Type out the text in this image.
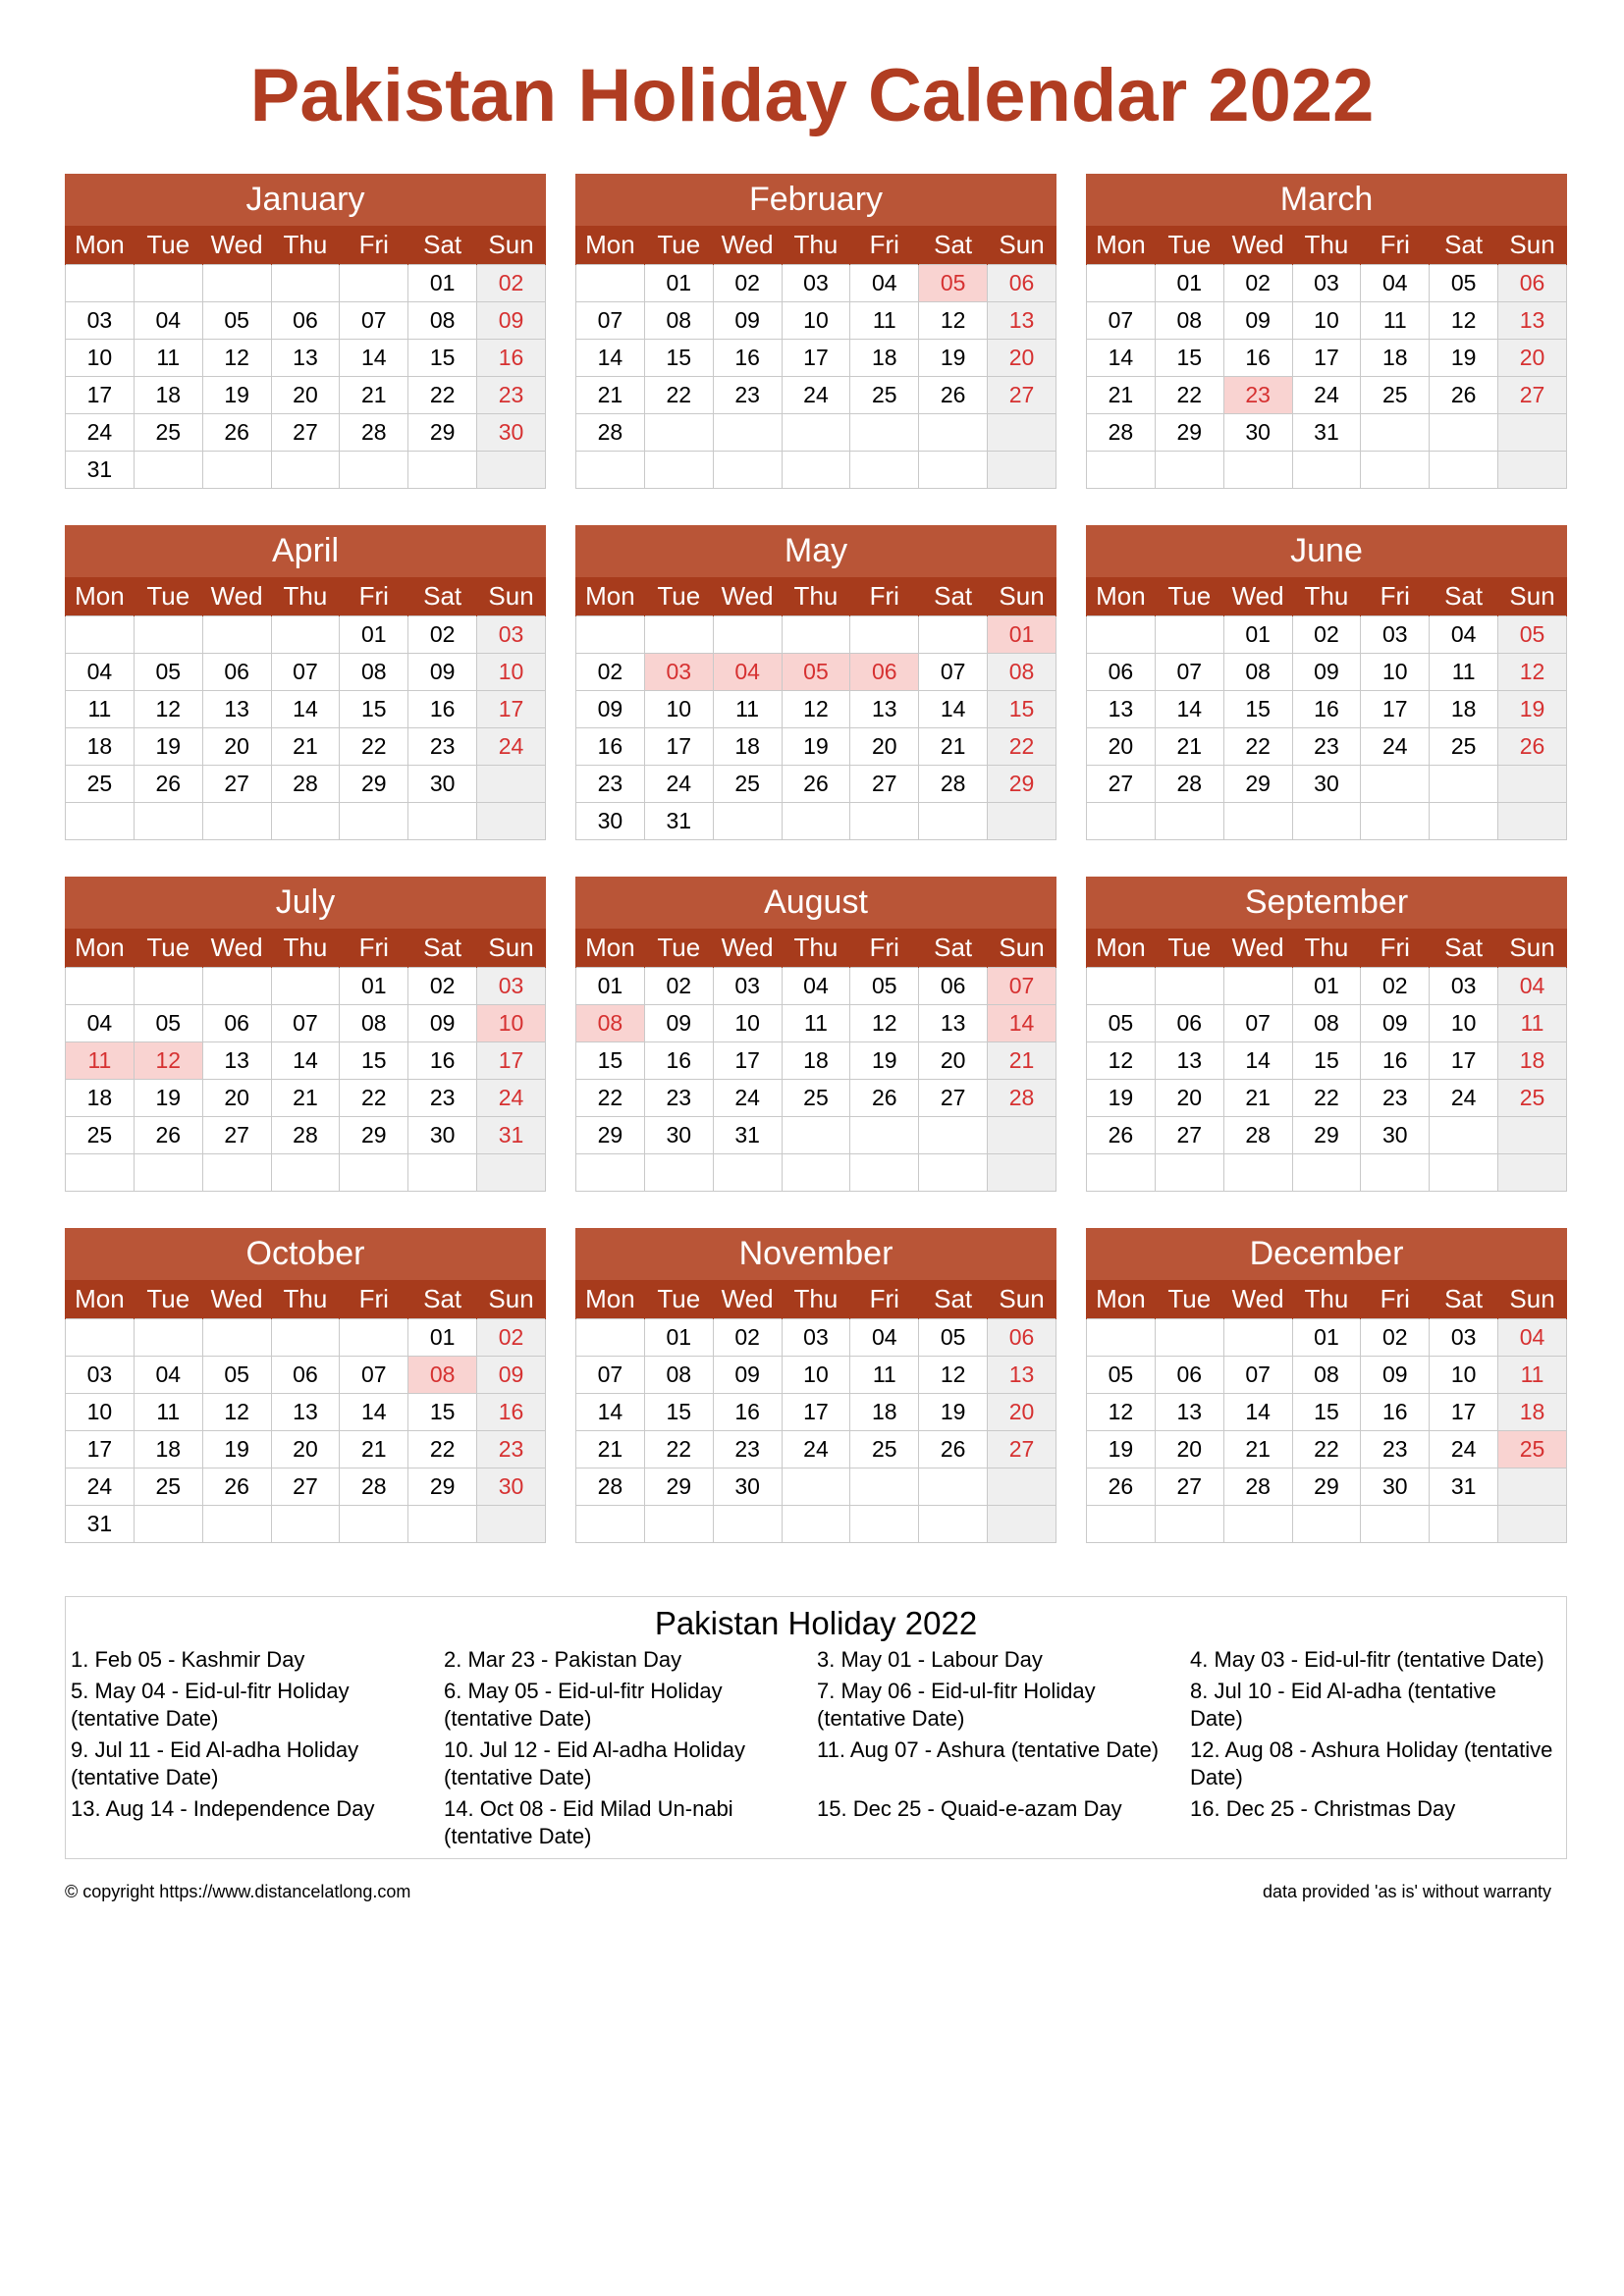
Pakistan Holiday Calendar 2022
January
Mon	Tue	Wed	Thu	Fri	Sat	Sun
					01	02
03	04	05	06	07	08	09
10	11	12	13	14	15	16
17	18	19	20	21	22	23
24	25	26	27	28	29	30
31						
February
Mon	Tue	Wed	Thu	Fri	Sat	Sun
	01	02	03	04	05	06
07	08	09	10	11	12	13
14	15	16	17	18	19	20
21	22	23	24	25	26	27
28						

March
Mon	Tue	Wed	Thu	Fri	Sat	Sun
	01	02	03	04	05	06
07	08	09	10	11	12	13
14	15	16	17	18	19	20
21	22	23	24	25	26	27
28	29	30	31			

April
Mon	Tue	Wed	Thu	Fri	Sat	Sun
				01	02	03
04	05	06	07	08	09	10
11	12	13	14	15	16	17
18	19	20	21	22	23	24
25	26	27	28	29	30	

May
Mon	Tue	Wed	Thu	Fri	Sat	Sun
						01
02	03	04	05	06	07	08
09	10	11	12	13	14	15
16	17	18	19	20	21	22
23	24	25	26	27	28	29
30	31					
June
Mon	Tue	Wed	Thu	Fri	Sat	Sun
		01	02	03	04	05
06	07	08	09	10	11	12
13	14	15	16	17	18	19
20	21	22	23	24	25	26
27	28	29	30			

July
Mon	Tue	Wed	Thu	Fri	Sat	Sun
				01	02	03
04	05	06	07	08	09	10
11	12	13	14	15	16	17
18	19	20	21	22	23	24
25	26	27	28	29	30	31

August
Mon	Tue	Wed	Thu	Fri	Sat	Sun
01	02	03	04	05	06	07
08	09	10	11	12	13	14
15	16	17	18	19	20	21
22	23	24	25	26	27	28
29	30	31				

September
Mon	Tue	Wed	Thu	Fri	Sat	Sun
			01	02	03	04
05	06	07	08	09	10	11
12	13	14	15	16	17	18
19	20	21	22	23	24	25
26	27	28	29	30		

October
Mon	Tue	Wed	Thu	Fri	Sat	Sun
					01	02
03	04	05	06	07	08	09
10	11	12	13	14	15	16
17	18	19	20	21	22	23
24	25	26	27	28	29	30
31						
November
Mon	Tue	Wed	Thu	Fri	Sat	Sun
	01	02	03	04	05	06
07	08	09	10	11	12	13
14	15	16	17	18	19	20
21	22	23	24	25	26	27
28	29	30				

December
Mon	Tue	Wed	Thu	Fri	Sat	Sun
			01	02	03	04
05	06	07	08	09	10	11
12	13	14	15	16	17	18
19	20	21	22	23	24	25
26	27	28	29	30	31	

Pakistan Holiday 2022
1. Feb 05 - Kashmir Day	2. Mar 23 - Pakistan Day	3. May 01 - Labour Day	4. May 03 - Eid-ul-fitr (tentative Date)
5. May 04 - Eid-ul-fitr Holiday (tentative Date)
6. May 05 - Eid-ul-fitr Holiday (tentative Date)
7. May 06 - Eid-ul-fitr Holiday (tentative Date)
8. Jul 10 - Eid Al-adha (tentative Date)
9. Jul 11 - Eid Al-adha Holiday (tentative Date)
10. Jul 12 - Eid Al-adha Holiday (tentative Date)
11. Aug 07 - Ashura (tentative Date)	12. Aug 08 - Ashura Holiday (tentative Date)
13. Aug 14 - Independence Day	14. Oct 08 - Eid Milad Un-nabi (tentative Date)
15. Dec 25 - Quaid-e-azam Day	16. Dec 25 - Christmas Day
© copyright https://www.distancelatlong.com	data provided 'as is' without warranty
